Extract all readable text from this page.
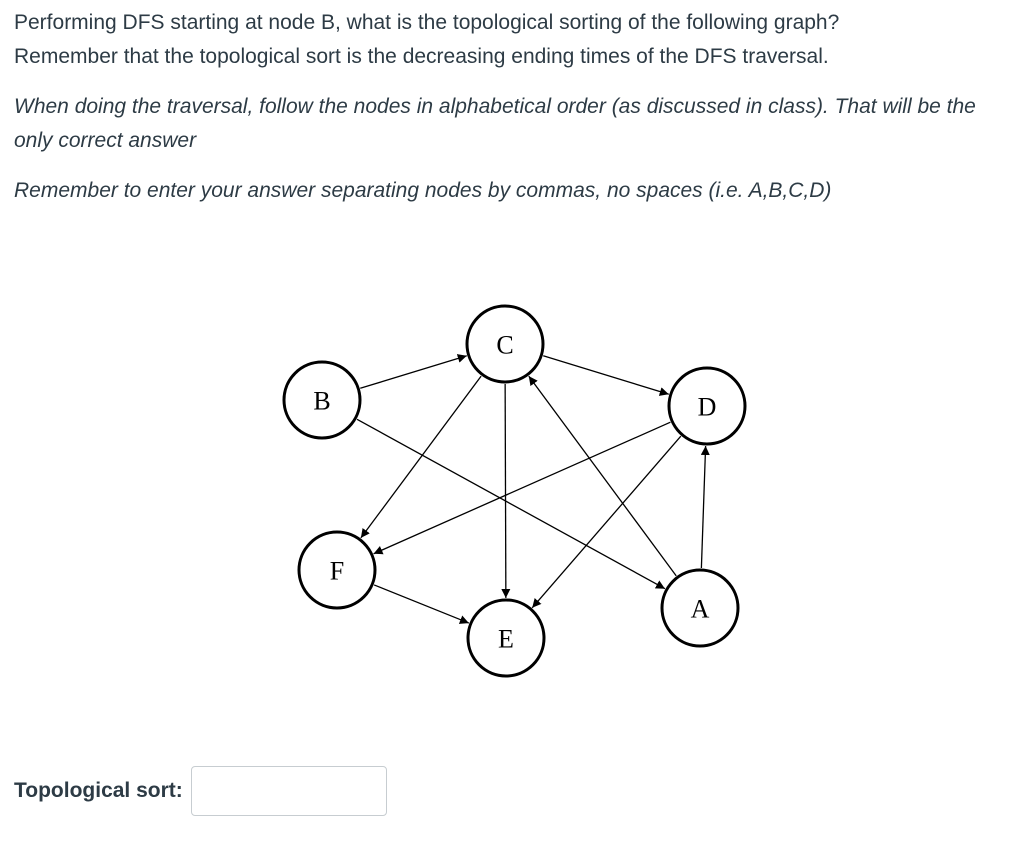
Performing DFS starting at node B, what is the topological sorting of the following graph?

Remember that the topological sort is the decreasing ending times of the DFS traversal.

When doing the traversal, follow the nodes in alphabetical order (as discussed in class). That will be the

only correct answer

Remember to enter your answer separating nodes by commas, no spaces (i.e. A,B,C,D)

A
B
C
D
E
F
Topological sort:
